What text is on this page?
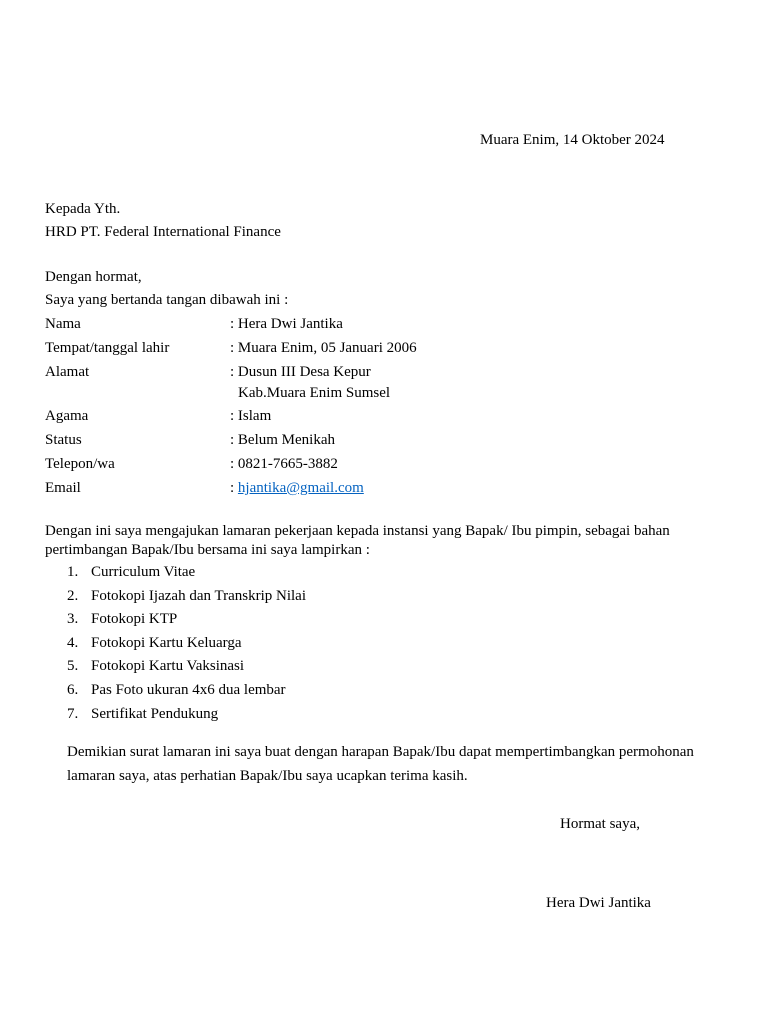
Muara Enim, 14 Oktober 2024
Kepada Yth.
HRD PT. Federal International Finance
Dengan hormat,
Saya yang bertanda tangan dibawah ini :
Nama	: Hera Dwi Jantika
Tempat/tanggal lahir	: Muara Enim, 05 Januari 2006
Alamat	: Dusun III Desa Kepur
Kab.Muara Enim Sumsel
Agama	: Islam
Status	: Belum Menikah
Telepon/wa	: 0821-7665-3882
Email	: hjantika@gmail.com
Dengan ini saya mengajukan lamaran pekerjaan kepada instansi yang Bapak/ Ibu pimpin, sebagai bahan pertimbangan Bapak/Ibu bersama ini saya lampirkan :
1. Curriculum Vitae
2. Fotokopi Ijazah dan Transkrip Nilai
3. Fotokopi KTP
4. Fotokopi Kartu Keluarga
5. Fotokopi Kartu Vaksinasi
6. Pas Foto ukuran 4x6 dua lembar
7. Sertifikat Pendukung
Demikian surat lamaran ini saya buat dengan harapan Bapak/Ibu dapat mempertimbangkan permohonan
lamaran saya, atas perhatian Bapak/Ibu saya ucapkan terima kasih.
Hormat saya,
Hera Dwi Jantika
